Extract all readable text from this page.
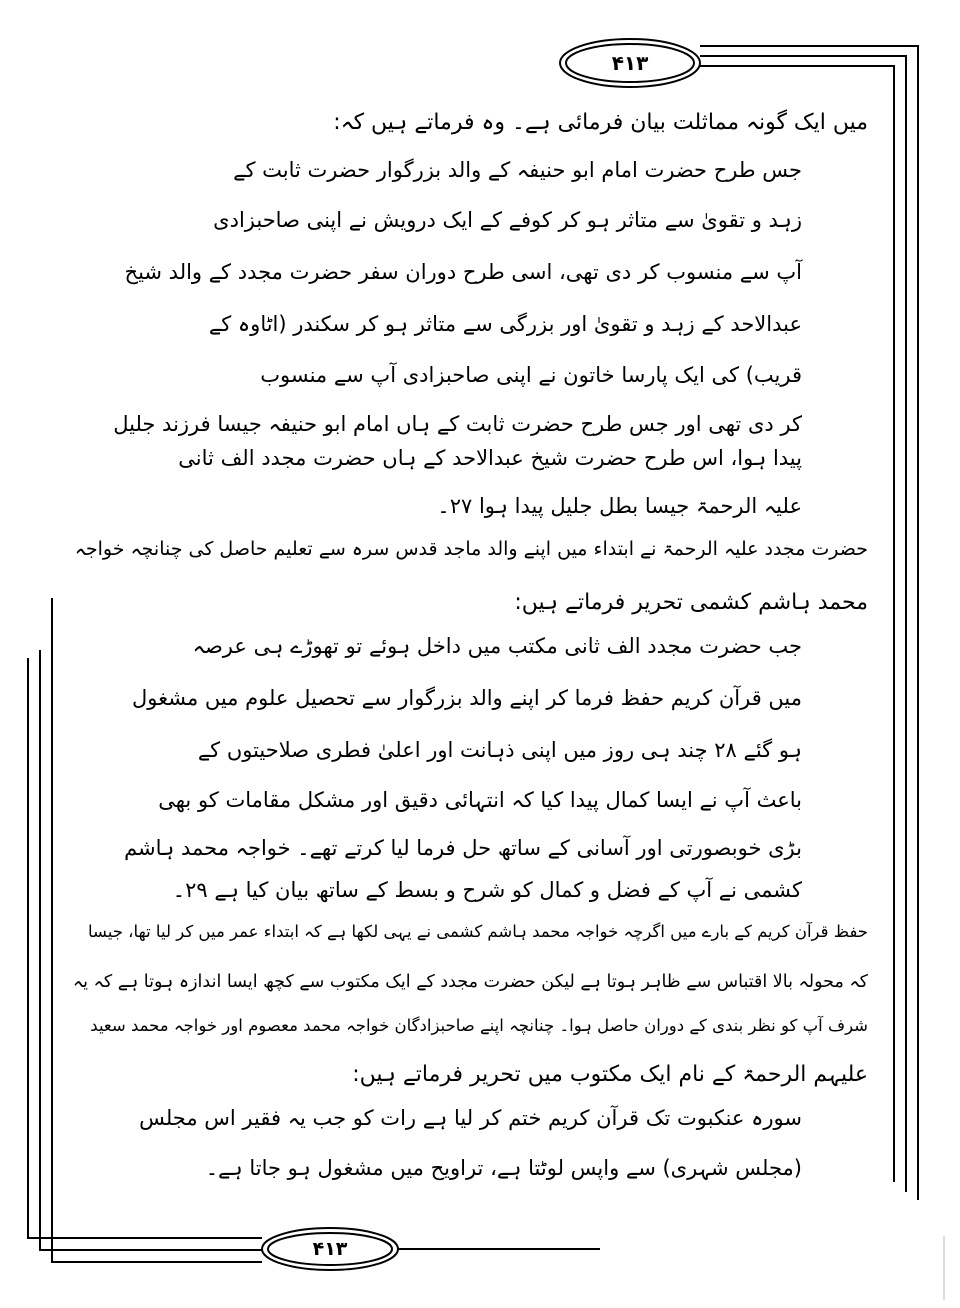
۴۱۳
۴۱۳
میں ایک گونہ مماثلت بیان فرمائی ہے۔ وہ فرماتے ہیں کہ:
جس طرح حضرت امام ابو حنیفہ کے والد بزرگوار حضرت ثابت کے
زہد و تقویٰ سے متاثر ہو کر کوفے کے ایک درویش نے اپنی صاحبزادی
آپ سے منسوب کر دی تھی، اسی طرح دوران سفر حضرت مجدد کے والد شیخ
عبدالاحد کے زہد و تقویٰ اور بزرگی سے متاثر ہو کر سکندر (اٹاوہ کے
قریب) کی ایک پارسا خاتون نے اپنی صاحبزادی آپ سے منسوب
کر دی تھی اور جس طرح حضرت ثابت کے ہاں امام ابو حنیفہ جیسا فرزند جلیل
پیدا ہوا، اس طرح حضرت شیخ عبدالاحد کے ہاں حضرت مجدد الف ثانی
علیہ الرحمۃ جیسا بطل جلیل پیدا ہوا ۲۷۔
حضرت مجدد علیہ الرحمۃ نے ابتداء میں اپنے والد ماجد قدس سرہ سے تعلیم حاصل کی چنانچہ خواجہ
محمد ہاشم کشمی تحریر فرماتے ہیں:
جب حضرت مجدد الف ثانی مکتب میں داخل ہوئے تو تھوڑے ہی عرصہ
میں قرآن کریم حفظ فرما کر اپنے والد بزرگوار سے تحصیل علوم میں مشغول
ہو گئے ۲۸ چند ہی روز میں اپنی ذہانت اور اعلیٰ فطری صلاحیتوں کے
باعث آپ نے ایسا کمال پیدا کیا کہ انتہائی دقیق اور مشکل مقامات کو بھی
بڑی خوبصورتی اور آسانی کے ساتھ حل فرما لیا کرتے تھے۔ خواجہ محمد ہاشم
کشمی نے آپ کے فضل و کمال کو شرح و بسط کے ساتھ بیان کیا ہے ۲۹۔
حفظ قرآن کریم کے بارے میں اگرچہ خواجہ محمد ہاشم کشمی نے یہی لکھا ہے کہ ابتداء عمر میں کر لیا تھا، جیسا
کہ محولہ بالا اقتباس سے ظاہر ہوتا ہے لیکن حضرت مجدد کے ایک مکتوب سے کچھ ایسا اندازہ ہوتا ہے کہ یہ
شرف آپ کو نظر بندی کے دوران حاصل ہوا۔ چنانچہ اپنے صاحبزادگان خواجہ محمد معصوم اور خواجہ محمد سعید
علیہم الرحمۃ کے نام ایک مکتوب میں تحریر فرماتے ہیں:
سورہ عنکبوت تک قرآن کریم ختم کر لیا ہے رات کو جب یہ فقیر اس مجلس
(مجلس شہری) سے واپس لوٹتا ہے، تراویح میں مشغول ہو جاتا ہے۔
